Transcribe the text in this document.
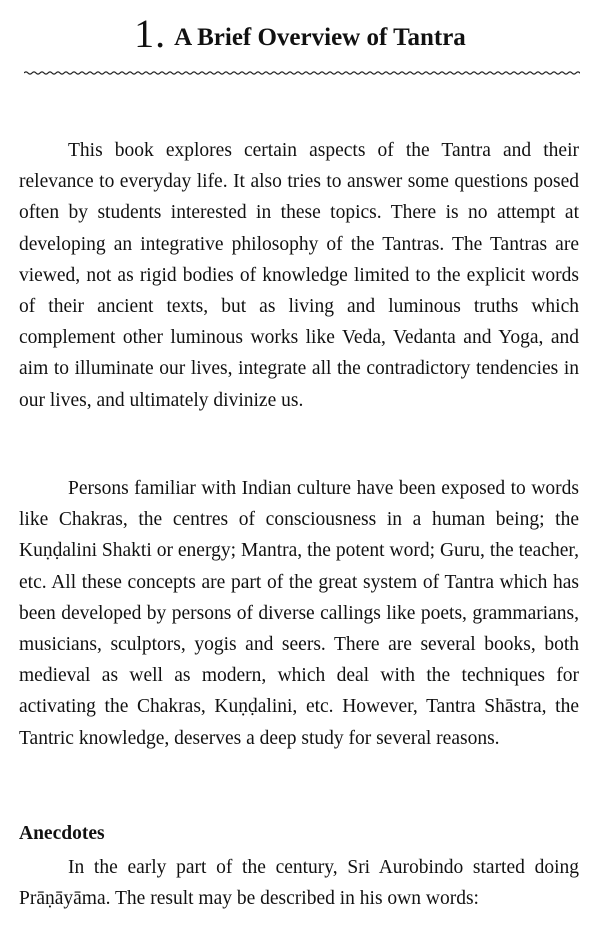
1. A Brief Overview of Tantra

This book explores certain aspects of the Tantra and their relevance to everyday life. It also tries to answer some questions posed often by students interested in these topics. There is no attempt at developing an integrative philosophy of the Tantras. The Tantras are viewed, not as rigid bodies of knowledge limited to the explicit words of their ancient texts, but as living and luminous truths which complement other luminous works like Veda, Vedanta and Yoga, and aim to illuminate our lives, integrate all the contradictory tendencies in our lives, and ultimately divinize us.

Persons familiar with Indian culture have been exposed to words like Chakras, the centres of consciousness in a human being; the Kuṇḍalini Shakti or energy; Mantra, the potent word; Guru, the teacher, etc. All these concepts are part of the great system of Tantra which has been developed by persons of diverse callings like poets, grammarians, musicians, sculptors, yogis and seers. There are several books, both medieval as well as modern, which deal with the techniques for activating the Chakras, Kuṇḍalini, etc. However, Tantra Shāstra, the Tantric knowledge, deserves a deep study for several reasons.

Anecdotes

In the early part of the century, Sri Aurobindo started doing Prāṇāyāma. The result may be described in his own words:
